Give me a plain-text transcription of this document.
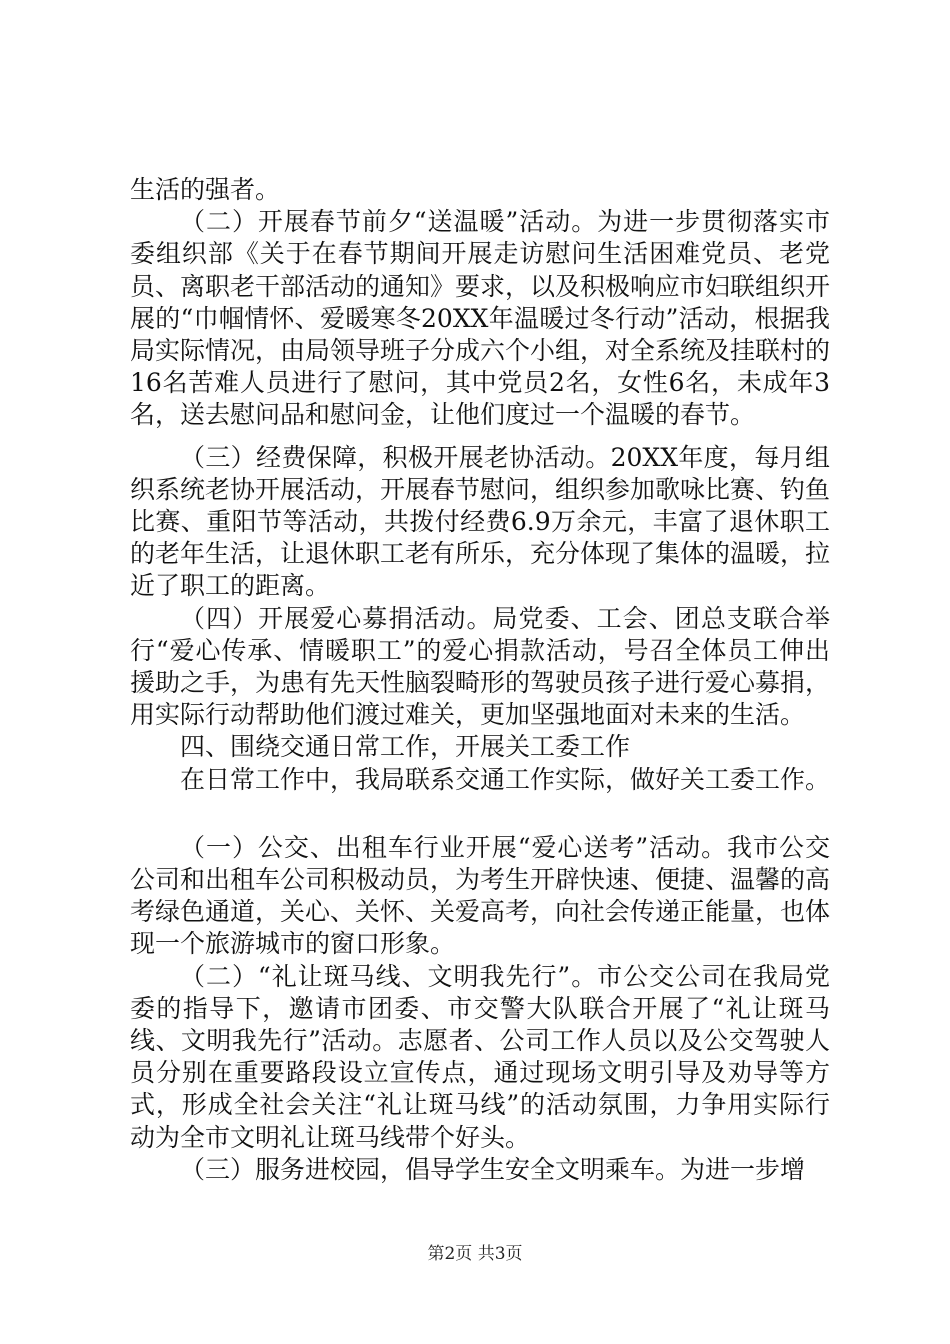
生活的强者。

（二）开展春节前夕“送温暖”活动。为进一步贯彻落实市委组织部《关于在春节期间开展走访慰问生活困难党员、老党员、离职老干部活动的通知》要求，以及积极响应市妇联组织开展的“巾帼情怀、爱暖寒冬20XX年温暖过冬行动”活动，根据我局实际情况，由局领导班子分成六个小组，对全系统及挂联村的16名苦难人员进行了慰问，其中党员2名，女性6名，未成年3名，送去慰问品和慰问金，让他们度过一个温暖的春节。

（三）经费保障，积极开展老协活动。20XX年度，每月组织系统老协开展活动，开展春节慰问，组织参加歌咏比赛、钓鱼比赛、重阳节等活动，共拨付经费6.9万余元，丰富了退休职工的老年生活，让退休职工老有所乐，充分体现了集体的温暖，拉近了职工的距离。

（四）开展爱心募捐活动。局党委、工会、团总支联合举行“爱心传承、情暖职工”的爱心捐款活动，号召全体员工伸出援助之手，为患有先天性脑裂畸形的驾驶员孩子进行爱心募捐，用实际行动帮助他们渡过难关，更加坚强地面对未来的生活。

四、围绕交通日常工作，开展关工委工作

在日常工作中，我局联系交通工作实际，做好关工委工作。

（一）公交、出租车行业开展“爱心送考”活动。我市公交公司和出租车公司积极动员，为考生开辟快速、便捷、温馨的高考绿色通道，关心、关怀、关爱高考，向社会传递正能量，也体现一个旅游城市的窗口形象。

（二）“礼让斑马线、文明我先行”。市公交公司在我局党委的指导下，邀请市团委、市交警大队联合开展了“礼让斑马线、文明我先行”活动。志愿者、公司工作人员以及公交驾驶人员分别在重要路段设立宣传点，通过现场文明引导及劝导等方式，形成全社会关注“礼让斑马线”的活动氛围，力争用实际行动为全市文明礼让斑马线带个好头。

（三）服务进校园，倡导学生安全文明乘车。为进一步增

第2页 共3页
